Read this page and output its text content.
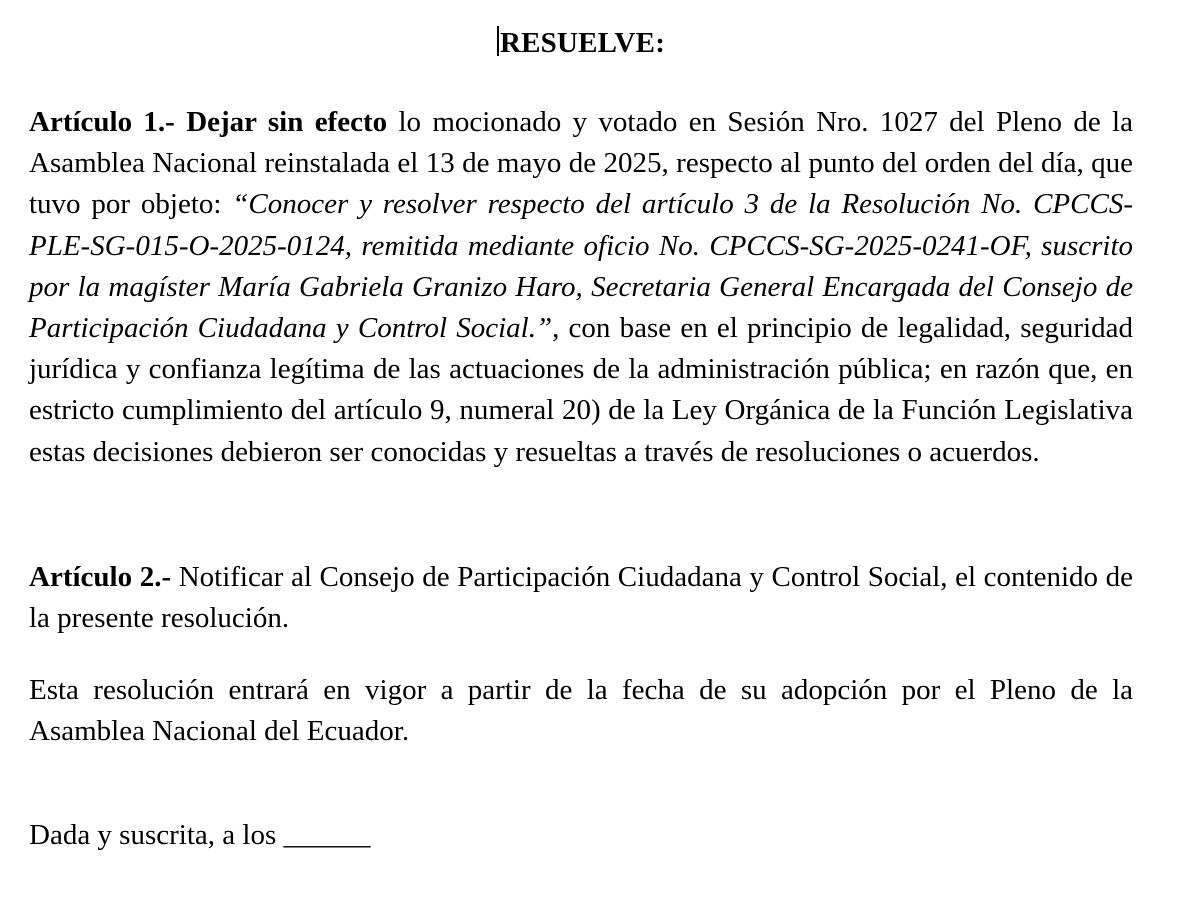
RESUELVE:

Artículo 1.- Dejar sin efecto lo mocionado y votado en Sesión Nro. 1027 del Pleno de la Asamblea Nacional reinstalada el 13 de mayo de 2025, respecto al punto del orden del día, que tuvo por objeto: “Conocer y resolver respecto del artículo 3 de la Resolución No. CPCCS-PLE-SG-015-O-2025-0124, remitida mediante oficio No. CPCCS-SG-2025-0241-OF, suscrito por la magíster María Gabriela Granizo Haro, Secretaria General Encargada del Consejo de Participación Ciudadana y Control Social.”, con base en el principio de legalidad, seguridad jurídica y confianza legítima de las actuaciones de la administración pública; en razón que, en estricto cumplimiento del artículo 9, numeral 20) de la Ley Orgánica de la Función Legislativa estas decisiones debieron ser conocidas y resueltas a través de resoluciones o acuerdos.

Artículo 2.- Notificar al Consejo de Participación Ciudadana y Control Social, el contenido de la presente resolución.

Esta resolución entrará en vigor a partir de la fecha de su adopción por el Pleno de la Asamblea Nacional del Ecuador.

Dada y suscrita, a los ______
